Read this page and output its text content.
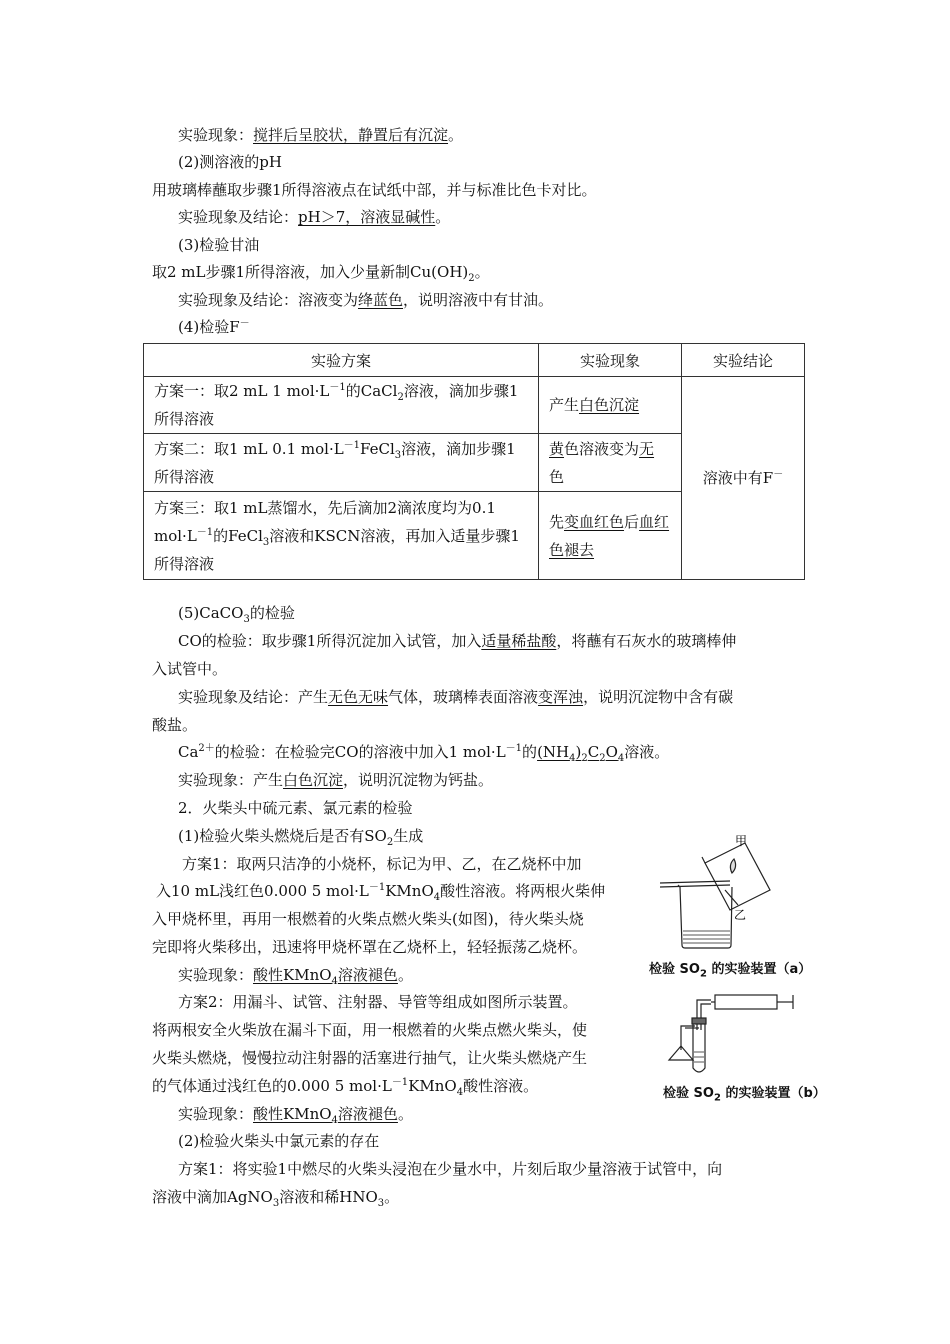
实验现象：搅拌后呈胶状，静置后有沉淀。
(2)测溶液的pH
用玻璃棒蘸取步骤1所得溶液点在试纸中部，并与标准比色卡对比。
实验现象及结论：pH＞7，溶液显碱性。
(3)检验甘油
取2 mL步骤1所得溶液，加入少量新制$Cu(OH)_2$。
实验现象及结论：溶液变为绛蓝色，说明溶液中有甘油。
(4)检验F－
实验方案	实验现象	实验结论
方案一：取2 mL 1 $mol\cdot L^{-1}$的CaCl$_2$溶液，滴加步骤1所得溶液	产生白色沉淀	溶液中有F－
方案二：取1 mL 0.1 $mol\cdot L^{-1}FeCl_3$溶液，滴加步骤1所得溶液	黄色溶液变为无
色	
方案三：取1 mL蒸馏水，先后滴加2滴浓度均为0.1 $mol\cdot L^{-1}$的FeCl$_3$溶液和KSCN溶液，再加入适量步骤1所得溶液	先变血红色后血红色褪去	
(5)CaCO$_3$的检验
CO的检验：取步骤1所得沉淀加入试管，加入适量稀盐酸，将蘸有石灰水的玻璃棒伸
入试管中。
实验现象及结论：产生无色无味气体，玻璃棒表面溶液变浑浊，说明沉淀物中含有碳
酸盐。
$Ca^{2+}$的检验：在检验完CO的溶液中加入1 $mol\cdot L^{-1}$的$(NH_4)_2C_2O_4$溶液。
实验现象：产生白色沉淀，说明沉淀物为钙盐。
2．火柴头中硫元素、氯元素的检验
(1)检验火柴头燃烧后是否有$SO_2$生成
方案1：取两只洁净的小烧杯，标记为甲、乙，在乙烧杯中加
入10 mL浅红色0.000 5 $mol\cdot L^{-1}KMnO_4$酸性溶液。将两根火柴伸
入甲烧杯里，再用一根燃着的火柴点燃火柴头(如图)，待火柴头烧
完即将火柴移出，迅速将甲烧杯罩在乙烧杯上，轻轻振荡乙烧杯。
实验现象：酸性KMnO$_4$溶液褪色。
方案2：用漏斗、试管、注射器、导管等组成如图所示装置。
将两根安全火柴放在漏斗下面，用一根燃着的火柴点燃火柴头，使
火柴头燃烧，慢慢拉动注射器的活塞进行抽气，让火柴头燃烧产生
的气体通过浅红色的0.000 5 $mol\cdot L^{-1}KMnO_4$酸性溶液。
实验现象：酸性KMnO$_4$溶液褪色。
(2)检验火柴头中氯元素的存在
方案1：将实验1中燃尽的火柴头浸泡在少量水中，片刻后取少量溶液于试管中，向
溶液中滴加AgNO$_3$溶液和稀$HNO_3$。
甲
乙
检验 $SO_2$ 的实验装置（a）
检验 $SO_2$ 的实验装置（b）
